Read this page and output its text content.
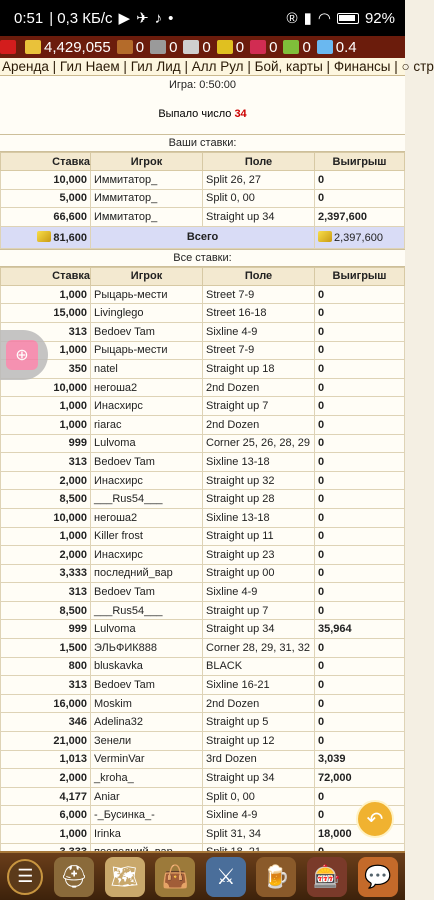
0:51 | 0,3 КБ/с ▶ ✈ ♪ •	® ▮ ◠ 92%
4,429,055 0 0 0 0 0 0 0.4
Аренда | Гил Наем | Гил Лид | Алл Рул | Бой, карты | Финансы | ○ стр
Игра: 0:50:00
Выпало число 34
Ваши ставки:
Ставка	Игрок	Поле	Выигрыш
10,000	Иммитатор_	Split 26, 27	0
5,000	Иммитатор_	Split 0, 00	0
66,600	Иммитатор_	Straight up 34	2,397,600
81,600	Всего		2,397,600
Все ставки:
Ставка	Игрок	Поле	Выигрыш
1,000	Рыцарь-мести	Street 7-9	0
15,000	Livinglego	Street 16-18	0
313	Bedoev Tam	Sixline 4-9	0
1,000	Рыцарь-мести	Street 7-9	0
350	natel	Straight up 18	0
10,000	негоша2	2nd Dozen	0
1,000	Инасхирс	Straight up 7	0
1,000	riarac	2nd Dozen	0
999	Lulvoma	Corner 25, 26, 28, 29	0
313	Bedoev Tam	Sixline 13-18	0
2,000	Инасхирс	Straight up 32	0
8,500	___Rus54___	Straight up 28	0
10,000	негоша2	Sixline 13-18	0
1,000	Killer frost	Straight up 11	0
2,000	Инасхирс	Straight up 23	0
3,333	последний_вар	Straight up 00	0
313	Bedoev Tam	Sixline 4-9	0
8,500	___Rus54___	Straight up 7	0
999	Lulvoma	Straight up 34	35,964
1,500	ЭЛЬФИК888	Corner 28, 29, 31, 32	0
800	bluskavka	BLACK	0
313	Bedoev Tam	Sixline 16-21	0
16,000	Moskim	2nd Dozen	0
346	Adelina32	Straight up 5	0
21,000	Зенели	Straight up 12	0
1,013	VerminVar	3rd Dozen	3,039
2,000	_kroha_	Straight up 34	72,000
4,177	Aniar	Split 0, 00	0
6,000	-_Бусинка_-	Sixline 4-9	0
1,000	Irinka	Split 31, 34	18,000

⊕
↶
☰	⛑ 🗺 👜	⚔	🍺 🎰 💬
